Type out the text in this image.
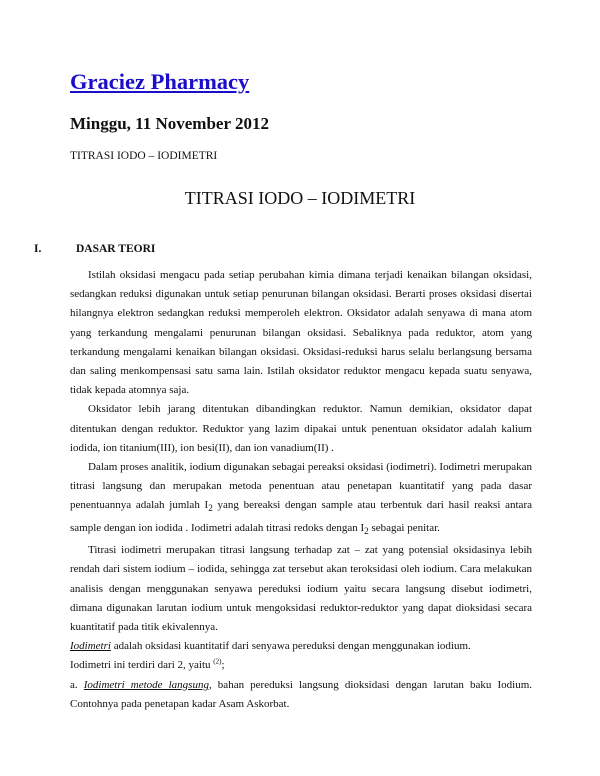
Graciez Pharmacy
Minggu, 11 November 2012
TITRASI IODO – IODIMETRI
TITRASI IODO – IODIMETRI
I.	DASAR TEORI

Istilah oksidasi mengacu pada setiap perubahan kimia dimana terjadi kenaikan bilangan oksidasi, sedangkan reduksi digunakan untuk setiap penurunan bilangan oksidasi. Berarti proses oksidasi disertai hilangnya elektron sedangkan reduksi memperoleh elektron. Oksidator adalah senyawa di mana atom yang terkandung mengalami penurunan bilangan oksidasi. Sebaliknya pada reduktor, atom yang terkandung mengalami kenaikan bilangan oksidasi. Oksidasi-reduksi harus selalu berlangsung bersama dan saling menkompensasi satu sama lain. Istilah oksidator reduktor mengacu kepada suatu senyawa, tidak kepada atomnya saja.

Oksidator lebih jarang ditentukan dibandingkan reduktor. Namun demikian, oksidator dapat ditentukan dengan reduktor. Reduktor yang lazim dipakai untuk penentuan oksidator adalah kalium iodida, ion titanium(III), ion besi(II), dan ion vanadium(II) .

Dalam proses analitik, iodium digunakan sebagai pereaksi oksidasi (iodimetri). Iodimetri merupakan titrasi langsung dan merupakan metoda penentuan atau penetapan kuantitatif yang pada dasar penentuannya adalah jumlah $I_2$ yang bereaksi dengan sample atau terbentuk dari hasil reaksi antara sample dengan ion iodida . Iodimetri adalah titrasi redoks dengan $I_2$ sebagai penitar.

Titrasi iodimetri merupakan titrasi langsung terhadap zat – zat yang potensial oksidasinya lebih rendah dari sistem iodium – iodida, sehingga zat tersebut akan teroksidasi oleh iodium. Cara melakukan analisis dengan menggunakan senyawa pereduksi iodium yaitu secara langsung disebut iodimetri, dimana digunakan larutan iodium untuk mengoksidasi reduktor-reduktor yang dapat dioksidasi secara kuantitatif pada titik ekivalennya.

Iodimetri adalah oksidasi kuantitatif dari senyawa pereduksi dengan menggunakan iodium.

Iodimetri ini terdiri dari 2, yaitu $^{(2)}$;

a. Iodimetri metode langsung, bahan pereduksi langsung dioksidasi dengan larutan baku Iodium. Contohnya pada penetapan kadar Asam Askorbat.
